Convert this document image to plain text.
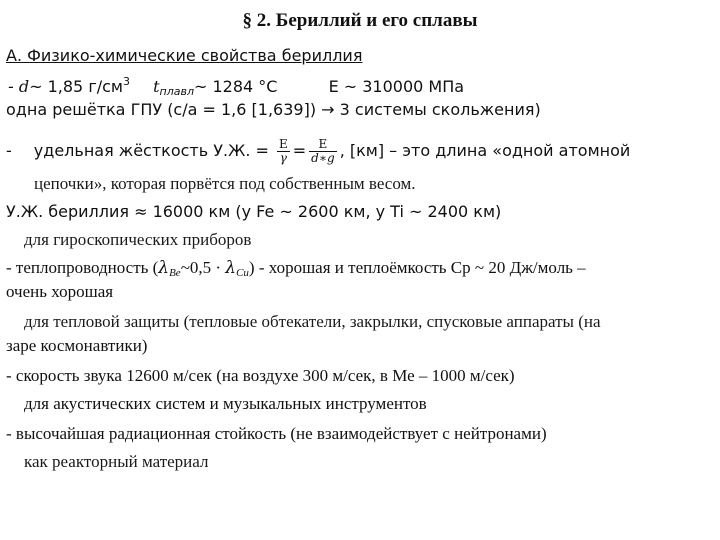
§ 2. Бериллий и его сплавы
А. Физико-химические свойства бериллия
- d~ 1,85 $г/см^3$ $t_{плавл}\sim$ 1284 °С	Е ~ 310000 МПа
одна решётка ГПУ (с/а = 1,6 [1,639]) → 3 системы скольжения)
- удельная жёсткость У.Ж. = $\frac{E}{\gamma} = \frac{E}{d∗g}$ , [км] – это длина «одной атомной
цепочки», которая порвётся под собственным весом.
У.Ж. бериллия ≈ 16000 км (у Fe ~ 2600 км, у Ti ~ 2400 км)
для гироскопических приборов
- теплопроводность $(\lambda_{Be}\sim 0,5 \cdot \lambda_{Cu})$ - хорошая и теплоёмкость Ср ~ 20 Дж/моль –
очень хорошая
для тепловой защиты (тепловые обтекатели, закрылки, спусковые аппараты (на
заре космонавтики)
- скорость звука 12600 м/сек (на воздухе 300 м/сек, в Ме – 1000 м/сек)
для акустических систем и музыкальных инструментов
- высочайшая радиационная стойкость (не взаимодействует с нейтронами)
как реакторный материал
